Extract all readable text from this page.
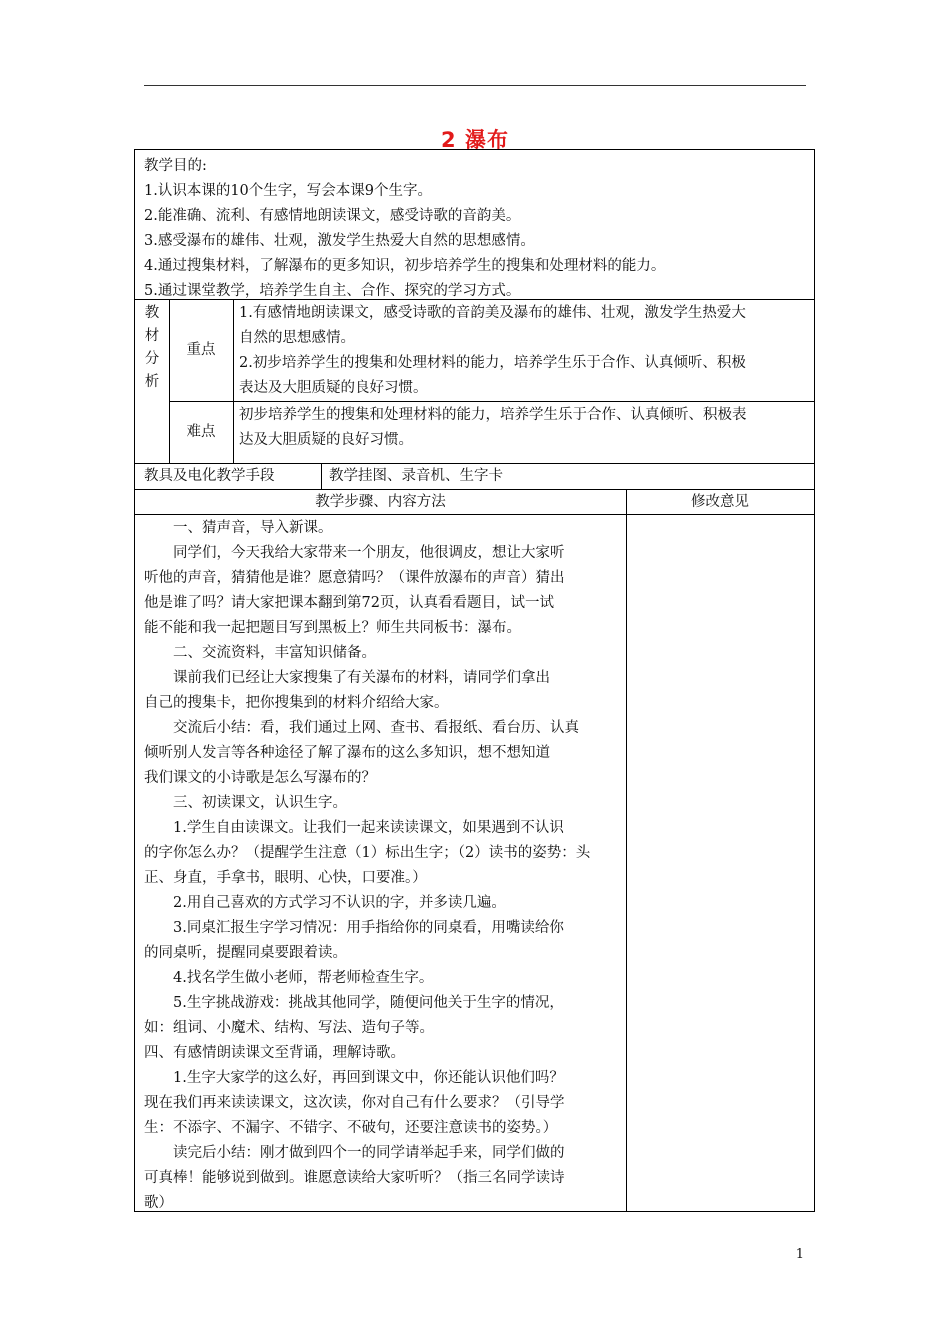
2 瀑布

教学目的:

1.认识本课的10个生字，写会本课9个生字。

2.能准确、流利、有感情地朗读课文，感受诗歌的音韵美。

3.感受瀑布的雄伟、壮观，激发学生热爱大自然的思想感情。

4.通过搜集材料，了解瀑布的更多知识，初步培养学生的搜集和处理材料的能力。

5.通过课堂教学，培养学生自主、合作、探究的学习方式。

教
材
分
析
重点

1.有感情地朗读课文，感受诗歌的音韵美及瀑布的雄伟、壮观，激发学生热爱大

自然的思想感情。

2.初步培养学生的搜集和处理材料的能力，培养学生乐于合作、认真倾听、积极

表达及大胆质疑的良好习惯。

难点

初步培养学生的搜集和处理材料的能力，培养学生乐于合作、认真倾听、积极表

达及大胆质疑的良好习惯。

教具及电化教学手段	教学挂图、录音机、生字卡
教学步骤、内容方法	修改意见

一、猜声音，导入新课。

同学们，今天我给大家带来一个朋友，他很调皮，想让大家听

听他的声音，猜猜他是谁？愿意猜吗？（课件放瀑布的声音）猜出

他是谁了吗？请大家把课本翻到第72页，认真看看题目，试一试

能不能和我一起把题目写到黑板上？师生共同板书：瀑布。

二、交流资料，丰富知识储备。

课前我们已经让大家搜集了有关瀑布的材料，请同学们拿出

自己的搜集卡，把你搜集到的材料介绍给大家。

交流后小结：看，我们通过上网、查书、看报纸、看台历、认真

倾听别人发言等各种途径了解了瀑布的这么多知识，想不想知道

我们课文的小诗歌是怎么写瀑布的？

三、初读课文，认识生字。

1.学生自由读课文。让我们一起来读读课文，如果遇到不认识

的字你怎么办？（提醒学生注意（1）标出生字；（2）读书的姿势：头

正、身直，手拿书，眼明、心快，口要准。）

2.用自己喜欢的方式学习不认识的字，并多读几遍。

3.同桌汇报生字学习情况：用手指给你的同桌看，用嘴读给你

的同桌听，提醒同桌要跟着读。

4.找名学生做小老师，帮老师检查生字。

5.生字挑战游戏：挑战其他同学，随便问他关于生字的情况，

如：组词、小魔术、结构、写法、造句子等。

四、有感情朗读课文至背诵，理解诗歌。

1.生字大家学的这么好，再回到课文中，你还能认识他们吗？

现在我们再来读读课文，这次读，你对自己有什么要求？（引导学

生：不添字、不漏字、不错字、不破句，还要注意读书的姿势。）

读完后小结：刚才做到四个一的同学请举起手来，同学们做的

可真棒！能够说到做到。谁愿意读给大家听听？（指三名同学读诗

歌）

1
